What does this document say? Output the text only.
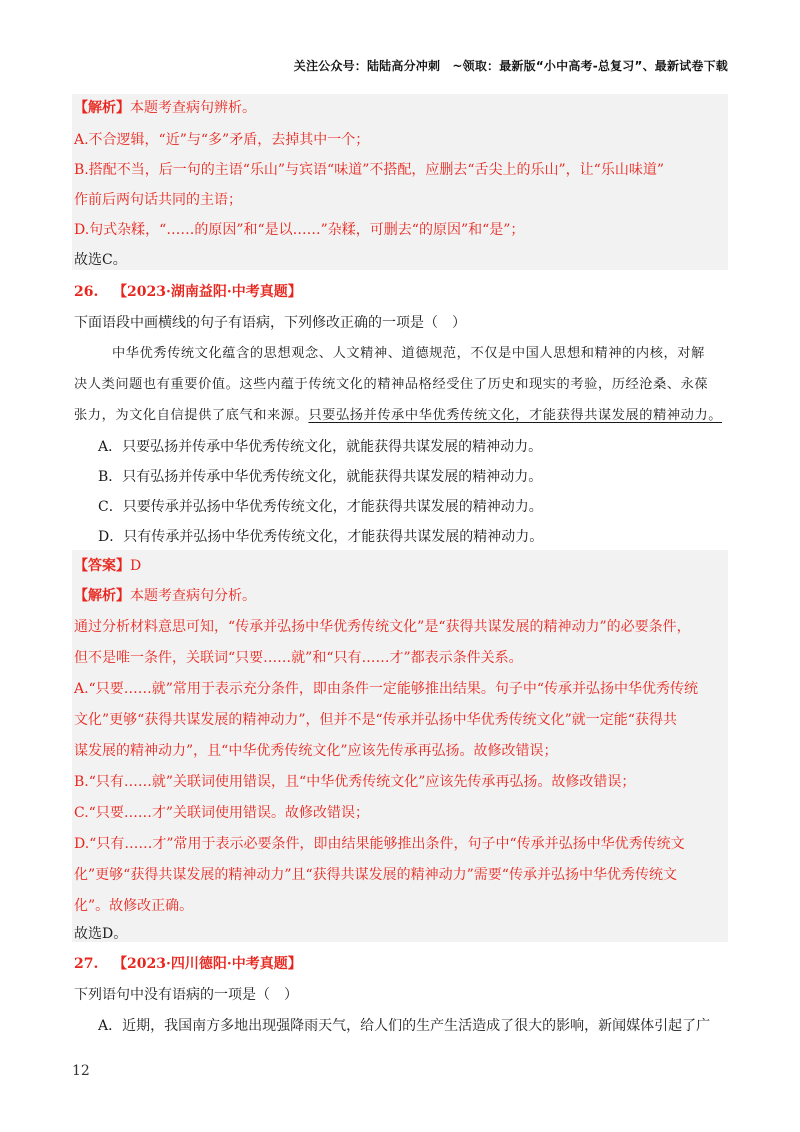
关注公众号：陆陆高分冲刺　~领取：最新版“小中高考-总复习”、最新试卷下载
【解析】本题考查病句辨析。
A.不合逻辑，“近”与“多”矛盾，去掉其中一个；
B.搭配不当，后一句的主语“乐山”与宾语“味道”不搭配，应删去“舌尖上的乐山”，让“乐山味道”
作前后两句话共同的主语；
D.句式杂糅，“……的原因”和“是以……”杂糅，可删去“的原因”和“是”；
故选C。
26. 【2023·湖南益阳·中考真题】
下面语段中画横线的句子有语病，下列修改正确的一项是（　）
中华优秀传统文化蕴含的思想观念、人文精神、道德规范，不仅是中国人思想和精神的内核，对解
决人类问题也有重要价值。这些内蕴于传统文化的精神品格经受住了历史和现实的考验，历经沧桑、永葆
张力，为文化自信提供了底气和来源。只要弘扬并传承中华优秀传统文化，才能获得共谋发展的精神动力。
A．只要弘扬并传承中华优秀传统文化，就能获得共谋发展的精神动力。
B．只有弘扬并传承中华优秀传统文化，就能获得共谋发展的精神动力。
C．只要传承并弘扬中华优秀传统文化，才能获得共谋发展的精神动力。
D．只有传承并弘扬中华优秀传统文化，才能获得共谋发展的精神动力。
【答案】D
【解析】本题考查病句分析。
通过分析材料意思可知，“传承并弘扬中华优秀传统文化”是“获得共谋发展的精神动力”的必要条件，
但不是唯一条件，关联词“只要……就”和“只有……才”都表示条件关系。
A.“只要……就”常用于表示充分条件，即由条件一定能够推出结果。句子中“传承并弘扬中华优秀传统
文化”更够“获得共谋发展的精神动力”，但并不是“传承并弘扬中华优秀传统文化”就一定能“获得共
谋发展的精神动力”，且“中华优秀传统文化”应该先传承再弘扬。故修改错误；
B.“只有……就”关联词使用错误，且“中华优秀传统文化”应该先传承再弘扬。故修改错误；
C.“只要……才”关联词使用错误。故修改错误；
D.“只有……才”常用于表示必要条件，即由结果能够推出条件，句子中“传承并弘扬中华优秀传统文
化”更够“获得共谋发展的精神动力”且“获得共谋发展的精神动力”需要“传承并弘扬中华优秀传统文
化”。故修改正确。
故选D。
27. 【2023·四川德阳·中考真题】
下列语句中没有语病的一项是（　）
A．近期，我国南方多地出现强降雨天气，给人们的生产生活造成了很大的影响，新闻媒体引起了广
12
